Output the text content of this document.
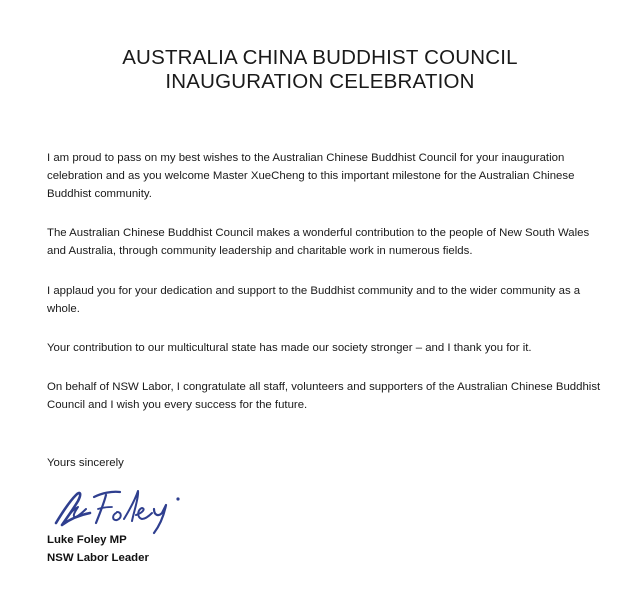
AUSTRALIA CHINA BUDDHIST COUNCIL
INAUGURATION CELEBRATION
I am proud to pass on my best wishes to the Australian Chinese Buddhist Council for your inauguration
celebration and as you welcome Master XueCheng to this important milestone for the Australian Chinese
Buddhist community.
The Australian Chinese Buddhist Council makes a wonderful contribution to the people of New South Wales
and Australia, through community leadership and charitable work in numerous fields.
I applaud you for your dedication and support to the Buddhist community and to the wider community as a
whole.
Your contribution to our multicultural state has made our society stronger – and I thank you for it.
On behalf of NSW Labor, I congratulate all staff, volunteers and supporters of the Australian Chinese Buddhist
Council and I wish you every success for the future.
Yours sincerely
Luke Foley MP
NSW Labor Leader
